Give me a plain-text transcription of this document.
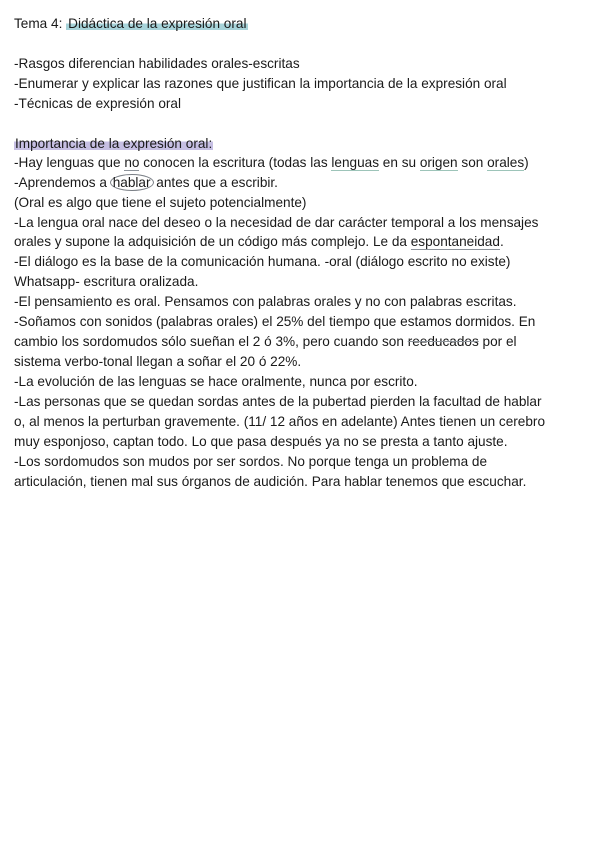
Tema 4: Didáctica de la expresión oral
-Rasgos diferencian habilidades orales-escritas
-Enumerar y explicar las razones que justifican la importancia de la expresión oral
-Técnicas de expresión oral
Importancia de la expresión oral:
-Hay lenguas que no conocen la escritura (todas las lenguas en su origen son orales)
-Aprendemos a hablar antes que a escribir.
(Oral es algo que tiene el sujeto potencialmente)
-La lengua oral nace del deseo o la necesidad de dar carácter temporal a los mensajes
orales y supone la adquisición de un código más complejo. Le da espontaneidad.
-El diálogo es la base de la comunicación humana. -oral (diálogo escrito no existe)
Whatsapp- escritura oralizada.
-El pensamiento es oral. Pensamos con palabras orales y no con palabras escritas.
-Soñamos con sonidos (palabras orales) el 25% del tiempo que estamos dormidos. En
cambio los sordomudos sólo sueñan el 2 ó 3%, pero cuando son reeducados por el
sistema verbo-tonal llegan a soñar el 20 ó 22%.
-La evolución de las lenguas se hace oralmente, nunca por escrito.
-Las personas que se quedan sordas antes de la pubertad pierden la facultad de hablar
o, al menos la perturban gravemente. (11/ 12 años en adelante) Antes tienen un cerebro
muy esponjoso, captan todo. Lo que pasa después ya no se presta a tanto ajuste.
-Los sordomudos son mudos por ser sordos. No porque tenga un problema de
articulación, tienen mal sus órganos de audición. Para hablar tenemos que escuchar.
